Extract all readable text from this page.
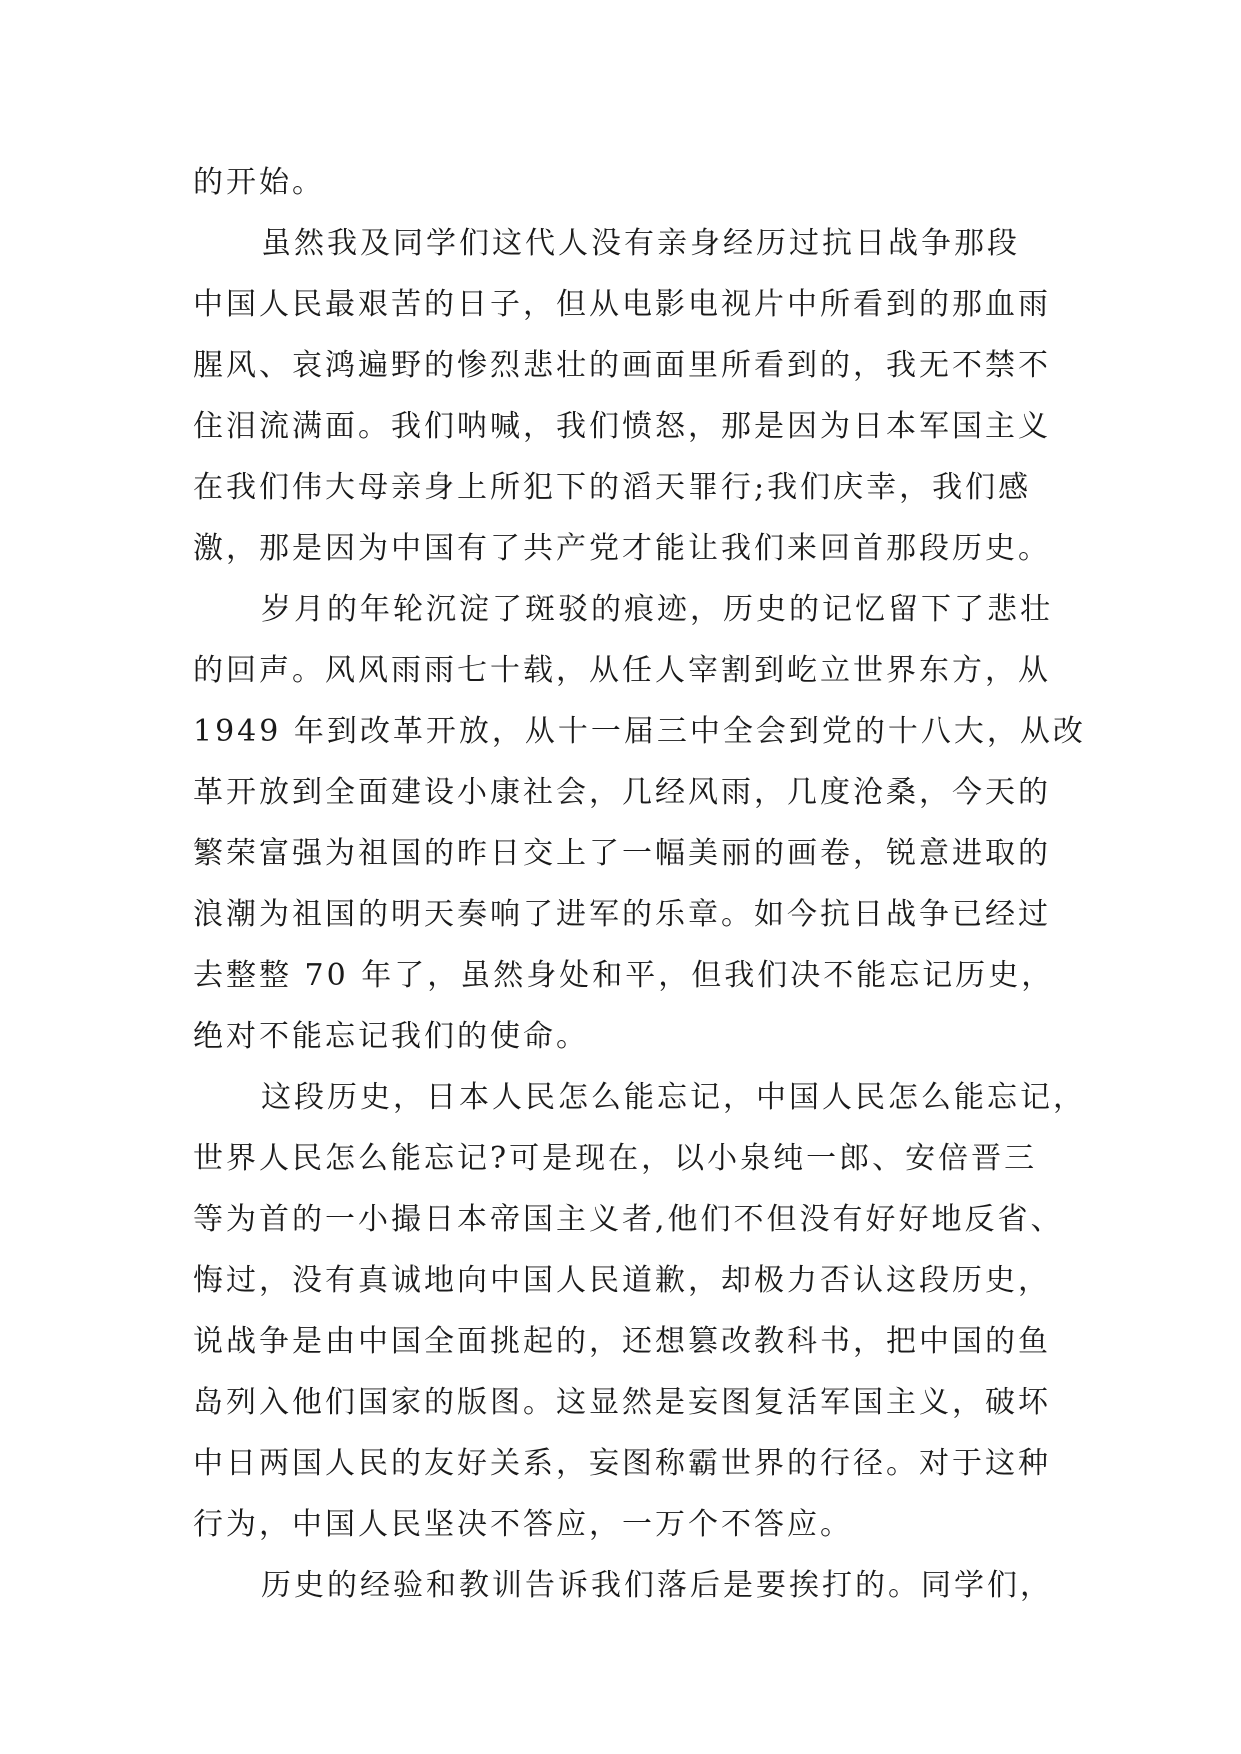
的开始。
虽然我及同学们这代人没有亲身经历过抗日战争那段
中国人民最艰苦的日子，但从电影电视片中所看到的那血雨
腥风、哀鸿遍野的惨烈悲壮的画面里所看到的，我无不禁不
住泪流满面。我们呐喊，我们愤怒，那是因为日本军国主义
在我们伟大母亲身上所犯下的滔天罪行;我们庆幸，我们感
激，那是因为中国有了共产党才能让我们来回首那段历史。
岁月的年轮沉淀了斑驳的痕迹，历史的记忆留下了悲壮
的回声。风风雨雨七十载，从任人宰割到屹立世界东方，从
1949 年到改革开放，从十一届三中全会到党的十八大，从改
革开放到全面建设小康社会，几经风雨，几度沧桑，今天的
繁荣富强为祖国的昨日交上了一幅美丽的画卷，锐意进取的
浪潮为祖国的明天奏响了进军的乐章。如今抗日战争已经过
去整整 70 年了，虽然身处和平，但我们决不能忘记历史，
绝对不能忘记我们的使命。
这段历史，日本人民怎么能忘记，中国人民怎么能忘记，
世界人民怎么能忘记?可是现在，以小泉纯一郎、安倍晋三
等为首的一小撮日本帝国主义者,他们不但没有好好地反省、
悔过，没有真诚地向中国人民道歉，却极力否认这段历史，
说战争是由中国全面挑起的，还想篡改教科书，把中国的鱼
岛列入他们国家的版图。这显然是妄图复活军国主义，破坏
中日两国人民的友好关系，妄图称霸世界的行径。对于这种
行为，中国人民坚决不答应，一万个不答应。
历史的经验和教训告诉我们落后是要挨打的。同学们，
